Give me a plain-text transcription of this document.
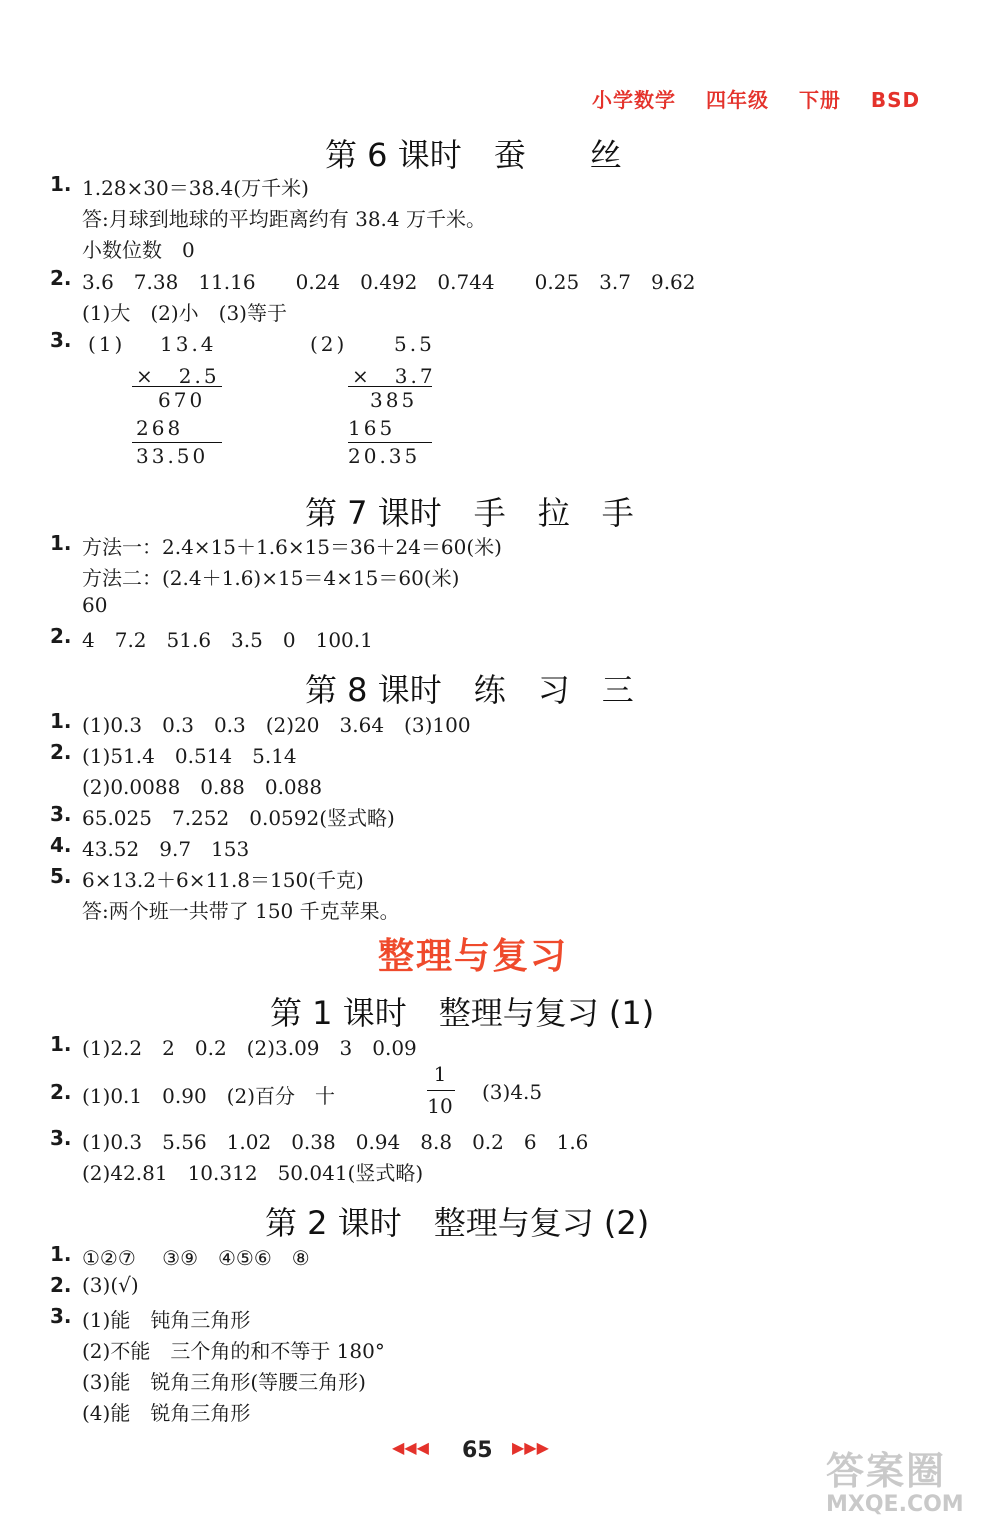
小学数学 四年级 下册 BSD
第 6 课时　蚕　　丝
1. 1.28×30＝38.4(万千米)
答:月球到地球的平均距离约有 38.4 万千米。
小数位数　0
2. 3.6　7.38　11.16　　0.24　0.492　0.744　　0.25　3.7　9.62
(1)大　(2)小　(3)等于
3. (1) 13.4
×　2.5
670
268
33.50
(2) 5.5
×　3.7
385
165
20.35
第 7 课时　手　拉　手
1. 方法一：2.4×15＋1.6×15＝36＋24＝60(米)
方法二：(2.4＋1.6)×15＝4×15＝60(米)
60
2. 4　7.2　51.6　3.5　0　100.1
第 8 课时　练　习　三
1. (1)0.3　0.3　0.3　(2)20　3.64　(3)100
2. (1)51.4　0.514　5.14
(2)0.0088　0.88　0.088
3. 65.025　7.252　0.0592(竖式略)
4. 43.52　9.7　153
5. 6×13.2＋6×11.8＝150(千克)
答:两个班一共带了 150 千克苹果。
整理与复习
第 1 课时　整理与复习 (1)
1. (1)2.2　2　0.2　(2)3.09　3　0.09
2. (1)0.1　0.90　(2)百分　十
1
10
(3)4.5
3. (1)0.3　5.56　1.02　0.38　0.94　8.8　0.2　6　1.6
(2)42.81　10.312　50.041(竖式略)
第 2 课时　整理与复习 (2)
1. ①②⑦　 ③⑨　④⑤⑥　⑧
2. (3)(√)
3. (1)能　钝角三角形
(2)不能　三个角的和不等于 180°
(3)能　锐角三角形(等腰三角形)
(4)能　锐角三角形
◀◀◀ 65 ▶▶▶
答案圈
MXQE.COM
